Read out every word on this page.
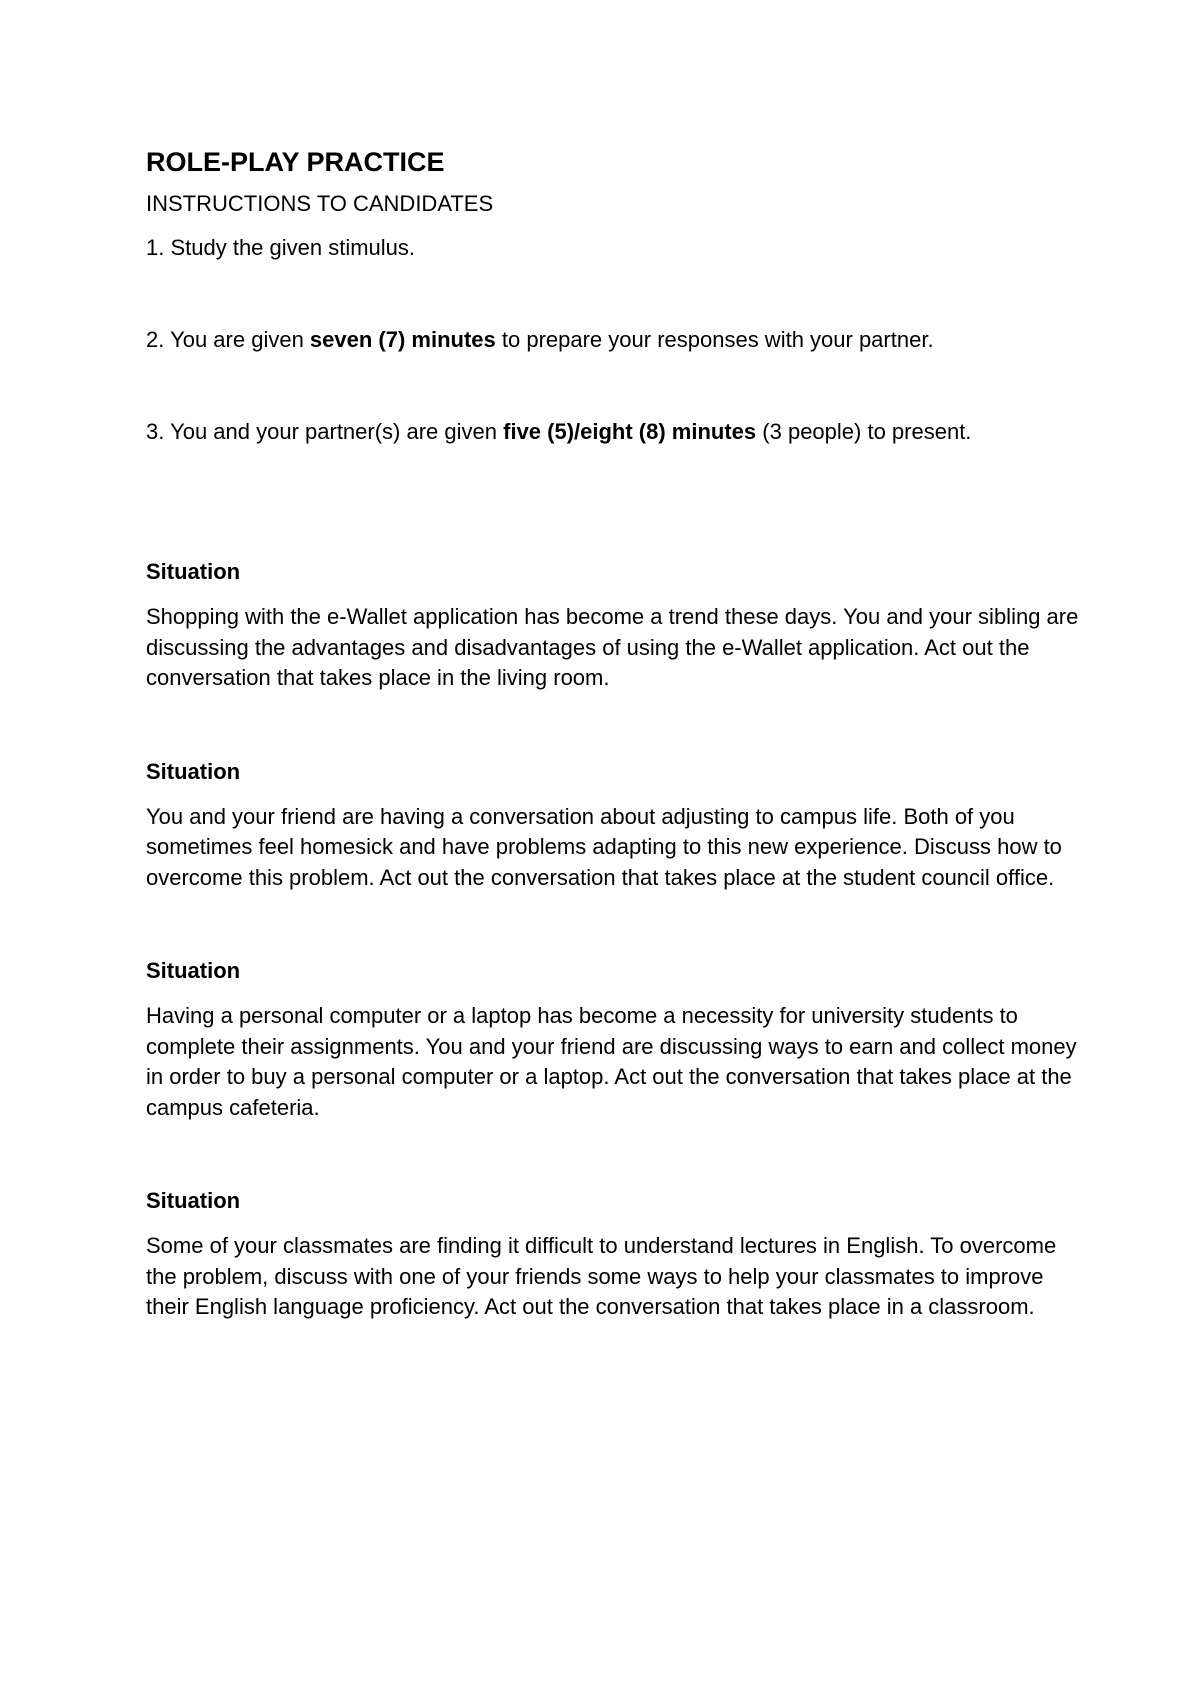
ROLE-PLAY PRACTICE

INSTRUCTIONS TO CANDIDATES

1. Study the given stimulus.

2. You are given seven (7) minutes to prepare your responses with your partner.

3. You and your partner(s) are given five (5)/eight (8) minutes (3 people) to present.

Situation

Shopping with the e-Wallet application has become a trend these days. You and your sibling are discussing the advantages and disadvantages of using the e-Wallet application. Act out the conversation that takes place in the living room.

Situation

You and your friend are having a conversation about adjusting to campus life. Both of you sometimes feel homesick and have problems adapting to this new experience. Discuss how to overcome this problem. Act out the conversation that takes place at the student council office.

Situation

Having a personal computer or a laptop has become a necessity for university students to complete their assignments. You and your friend are discussing ways to earn and collect money in order to buy a personal computer or a laptop. Act out the conversation that takes place at the campus cafeteria.

Situation

Some of your classmates are finding it difficult to understand lectures in English. To overcome the problem, discuss with one of your friends some ways to help your classmates to improve their English language proficiency. Act out the conversation that takes place in a classroom.
